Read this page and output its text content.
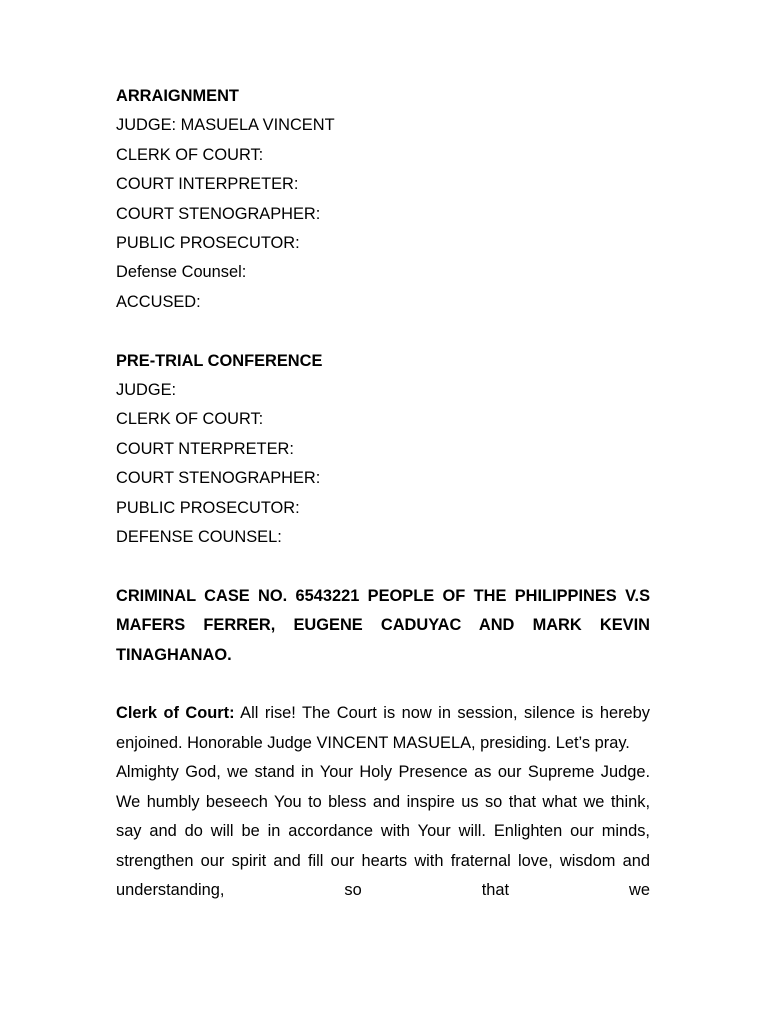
ARRAIGNMENT
JUDGE: MASUELA VINCENT
CLERK OF COURT:
COURT INTERPRETER:
COURT STENOGRAPHER:
PUBLIC PROSECUTOR:
Defense Counsel:
ACCUSED:
PRE-TRIAL CONFERENCE
JUDGE:
CLERK OF COURT:
COURT NTERPRETER:
COURT STENOGRAPHER:
PUBLIC PROSECUTOR:
DEFENSE COUNSEL:

CRIMINAL CASE NO. 6543221 PEOPLE OF THE PHILIPPINES V.S MAFERS FERRER, EUGENE CADUYAC AND MARK KEVIN TINAGHANAO.

Clerk of Court: All rise! The Court is now in session, silence is hereby enjoined. Honorable Judge VINCENT MASUELA, presiding. Let’s pray.

Almighty God, we stand in Your Holy Presence as our Supreme Judge. We humbly beseech You to bless and inspire us so that what we think, say and do will be in accordance with Your will. Enlighten our minds, strengthen our spirit and fill our hearts with fraternal love, wisdom and understanding, so that we
